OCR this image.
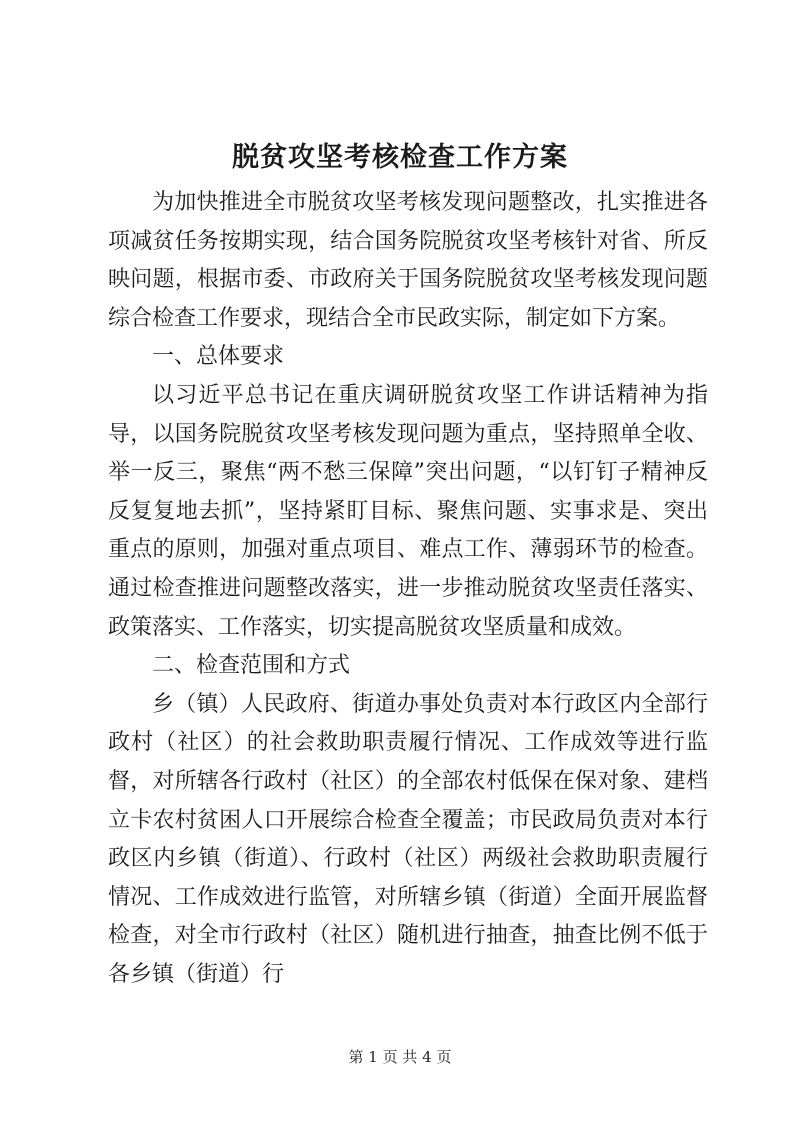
脱贫攻坚考核检查工作方案

为加快推进全市脱贫攻坚考核发现问题整改，扎实推进各项减贫任务按期实现，结合国务院脱贫攻坚考核针对省、所反映问题，根据市委、市政府关于国务院脱贫攻坚考核发现问题综合检查工作要求，现结合全市民政实际，制定如下方案。

一、总体要求

以习近平总书记在重庆调研脱贫攻坚工作讲话精神为指导，以国务院脱贫攻坚考核发现问题为重点，坚持照单全收、举一反三，聚焦“两不愁三保障”突出问题，“以钉钉子精神反反复复地去抓”，坚持紧盯目标、聚焦问题、实事求是、突出重点的原则，加强对重点项目、难点工作、薄弱环节的检查。通过检查推进问题整改落实，进一步推动脱贫攻坚责任落实、政策落实、工作落实，切实提高脱贫攻坚质量和成效。

二、检查范围和方式

乡（镇）人民政府、街道办事处负责对本行政区内全部行政村（社区）的社会救助职责履行情况、工作成效等进行监督，对所辖各行政村（社区）的全部农村低保在保对象、建档立卡农村贫困人口开展综合检查全覆盖；市民政局负责对本行政区内乡镇（街道）、行政村（社区）两级社会救助职责履行情况、工作成效进行监管，对所辖乡镇（街道）全面开展监督检查，对全市行政村（社区）随机进行抽查，抽查比例不低于各乡镇（街道）行

第 1 页 共 4 页
